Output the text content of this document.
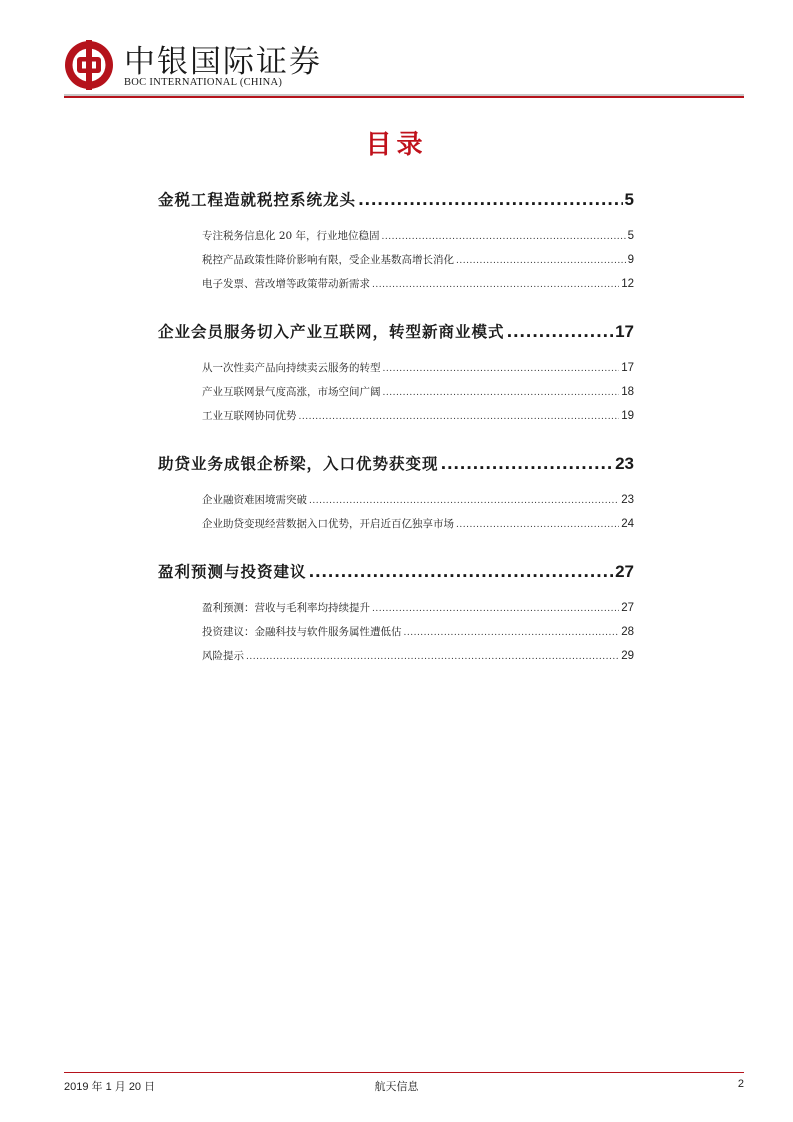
中银国际证券
BOC INTERNATIONAL (CHINA)
目录
金税工程造就税控系统龙头 .....	5
专注税务信息化 20 年，行业地位稳固 .....	5
税控产品政策性降价影响有限，受企业基数高增长消化 .....	9
电子发票、营改增等政策带动新需求 .....	12
企业会员服务切入产业互联网，转型新商业模式 .....	17
从一次性卖产品向持续卖云服务的转型 .....	17
产业互联网景气度高涨，市场空间广阔 .....	18
工业互联网协同优势 .....	19
助贷业务成银企桥梁，入口优势获变现 .....	23
企业融资难困境需突破 .....	23
企业助贷变现经营数据入口优势，开启近百亿独享市场 .....	24
盈利预测与投资建议 .....	27
盈利预测：营收与毛利率均持续提升 .....	27
投资建议：金融科技与软件服务属性遭低估 .....	28
风险提示 .....	29
2019 年 1 月 20 日	航天信息	2
